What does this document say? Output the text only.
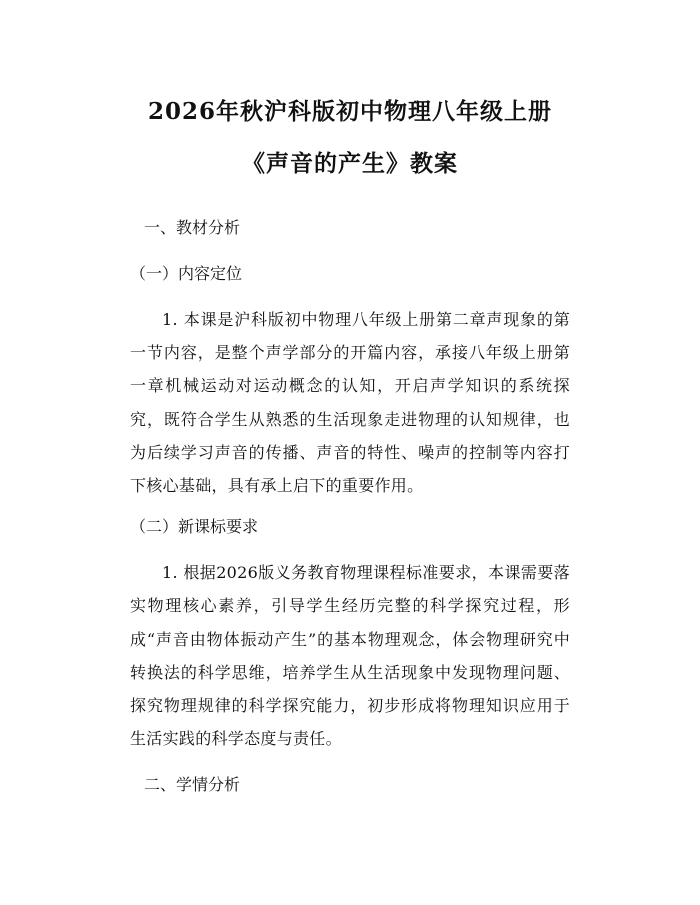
2026年秋沪科版初中物理八年级上册《声音的产生》教案

一、教材分析

（一）内容定位

1. 本课是沪科版初中物理八年级上册第二章声现象的第一节内容，是整个声学部分的开篇内容，承接八年级上册第一章机械运动对运动概念的认知，开启声学知识的系统探究，既符合学生从熟悉的生活现象走进物理的认知规律，也为后续学习声音的传播、声音的特性、噪声的控制等内容打下核心基础，具有承上启下的重要作用。

（二）新课标要求

1. 根据2026版义务教育物理课程标准要求，本课需要落实物理核心素养，引导学生经历完整的科学探究过程，形成“声音由物体振动产生”的基本物理观念，体会物理研究中转换法的科学思维，培养学生从生活现象中发现物理问题、探究物理规律的科学探究能力，初步形成将物理知识应用于生活实践的科学态度与责任。

二、学情分析
